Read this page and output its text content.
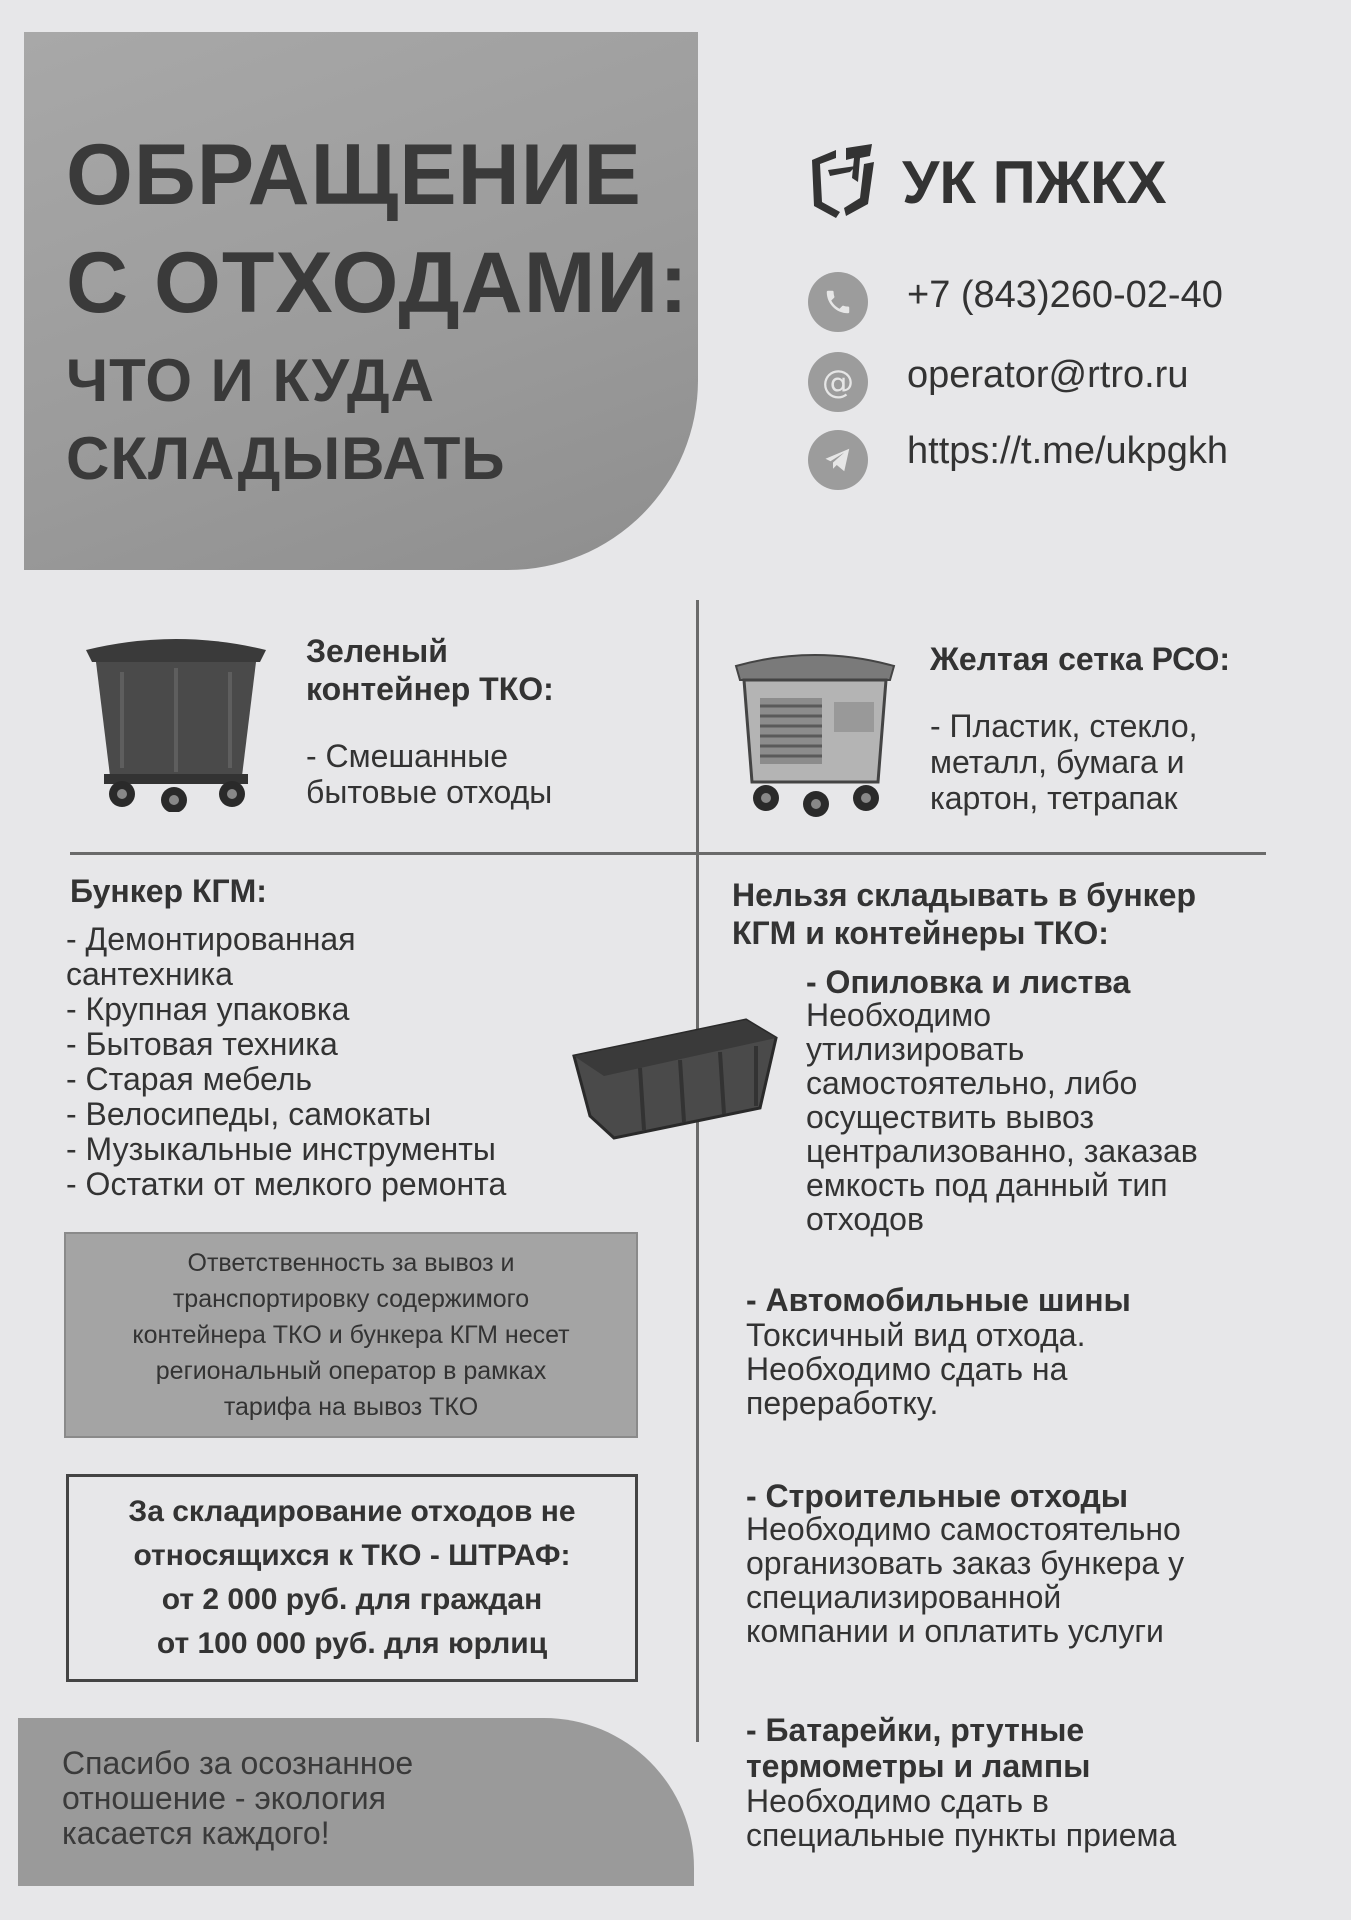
ОБРАЩЕНИЕ
С ОТХОДАМИ:
ЧТО И КУДА
СКЛАДЫВАТЬ
УК ПЖКХ
+7 (843)260-02-40
@ operator@rtro.ru
https://t.me/ukpgkh
Зеленый
контейнер ТКО:
- Смешанные
бытовые отходы
Желтая сетка РСО:
- Пластик, стекло,
металл, бумага и
картон, тетрапак
Бункер КГМ:
- Демонтированная
сантехника
- Крупная упаковка
- Бытовая техника
- Старая мебель
- Велосипеды, самокаты
- Музыкальные инструменты
- Остатки от мелкого ремонта
Нельзя складывать в бункер
КГМ и контейнеры ТКО:
- Опиловка и листва
Необходимо
утилизировать
самостоятельно, либо
осуществить вывоз
централизованно, заказав
емкость под данный тип
отходов
- Автомобильные шины
Токсичный вид отхода.
Необходимо сдать на
переработку.
- Строительные отходы
Необходимо самостоятельно
организовать заказ бункера у
специализированной
компании и оплатить услуги
- Батарейки, ртутные
термометры и лампы
Необходимо сдать в
специальные пункты приема
Ответственность за вывоз и
транспортировку содержимого
контейнера ТКО и бункера КГМ несет
региональный оператор в рамках
тарифа на вывоз ТКО
За складирование отходов не
относящихся к ТКО - ШТРАФ:
от 2 000 руб. для граждан
от 100 000 руб. для юрлиц
Спасибо за осознанное
отношение - экология
касается каждого!
